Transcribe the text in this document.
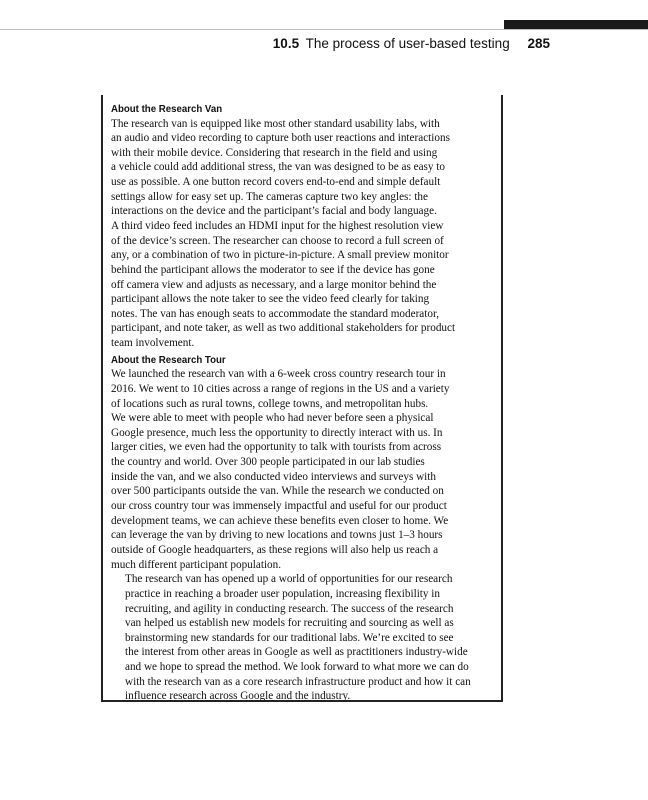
10.5 The process of user-based testing 285
About the Research Van

The research van is equipped like most other standard usability labs, with
an audio and video recording to capture both user reactions and interactions
with their mobile device. Considering that research in the field and using
a vehicle could add additional stress, the van was designed to be as easy to
use as possible. A one button record covers end-to-end and simple default
settings allow for easy set up. The cameras capture two key angles: the
interactions on the device and the participant’s facial and body language.
A third video feed includes an HDMI input for the highest resolution view
of the device’s screen. The researcher can choose to record a full screen of
any, or a combination of two in picture-in-picture. A small preview monitor
behind the participant allows the moderator to see if the device has gone
off camera view and adjusts as necessary, and a large monitor behind the
participant allows the note taker to see the video feed clearly for taking
notes. The van has enough seats to accommodate the standard moderator,
participant, and note taker, as well as two additional stakeholders for product
team involvement.

About the Research Tour

We launched the research van with a 6-week cross country research tour in
2016. We went to 10 cities across a range of regions in the US and a variety
of locations such as rural towns, college towns, and metropolitan hubs.
We were able to meet with people who had never before seen a physical
Google presence, much less the opportunity to directly interact with us. In
larger cities, we even had the opportunity to talk with tourists from across
the country and world. Over 300 people participated in our lab studies
inside the van, and we also conducted video interviews and surveys with
over 500 participants outside the van. While the research we conducted on
our cross country tour was immensely impactful and useful for our product
development teams, we can achieve these benefits even closer to home. We
can leverage the van by driving to new locations and towns just 1–3 hours
outside of Google headquarters, as these regions will also help us reach a
much different participant population.

The research van has opened up a world of opportunities for our research
practice in reaching a broader user population, increasing flexibility in
recruiting, and agility in conducting research. The success of the research
van helped us establish new models for recruiting and sourcing as well as
brainstorming new standards for our traditional labs. We’re excited to see
the interest from other areas in Google as well as practitioners industry-wide
and we hope to spread the method. We look forward to what more we can do
with the research van as a core research infrastructure product and how it can
influence research across Google and the industry.
